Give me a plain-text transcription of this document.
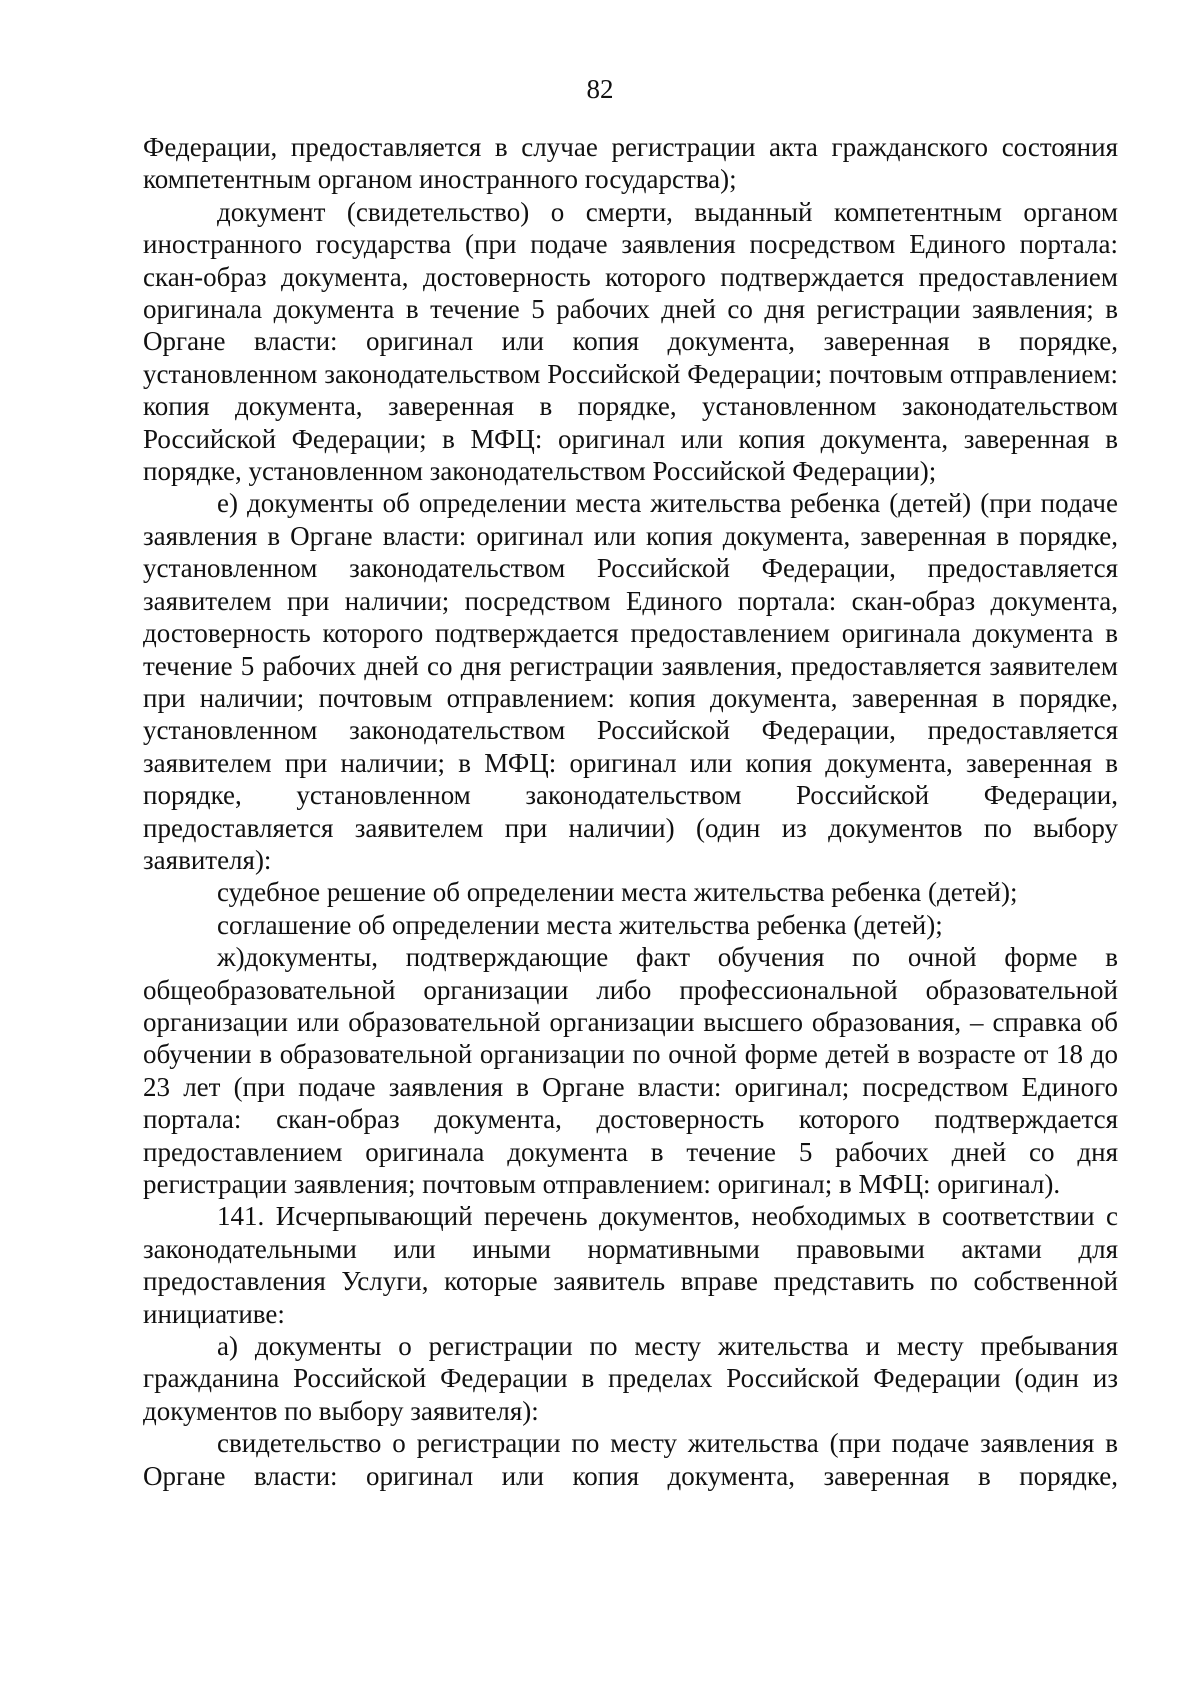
82

Федерации, предоставляется в случае регистрации акта гражданского состояния компетентным органом иностранного государства);

документ (свидетельство) о смерти, выданный компетентным органом иностранного государства (при подаче заявления посредством Единого портала: скан-образ документа, достоверность которого подтверждается предоставлением оригинала документа в течение 5 рабочих дней со дня регистрации заявления; в Органе власти: оригинал или копия документа, заверенная в порядке, установленном законодательством Российской Федерации; почтовым отправлением: копия документа, заверенная в порядке, установленном законодательством Российской Федерации; в МФЦ: оригинал или копия документа, заверенная в порядке, установленном законодательством Российской Федерации);

е) документы об определении места жительства ребенка (детей) (при подаче заявления в Органе власти: оригинал или копия документа, заверенная в порядке, установленном законодательством Российской Федерации, предоставляется заявителем при наличии; посредством Единого портала: скан-образ документа, достоверность которого подтверждается предоставлением оригинала документа в течение 5 рабочих дней со дня регистрации заявления, предоставляется заявителем при наличии; почтовым отправлением: копия документа, заверенная в порядке, установленном законодательством Российской Федерации, предоставляется заявителем при наличии; в МФЦ: оригинал или копия документа, заверенная в порядке, установленном законодательством Российской Федерации, предоставляется заявителем при наличии) (один из документов по выбору заявителя):

судебное решение об определении места жительства ребенка (детей);

соглашение об определении места жительства ребенка (детей);

ж)документы, подтверждающие факт обучения по очной форме в общеобразовательной организации либо профессиональной образовательной организации или образовательной организации высшего образования, – справка об обучении в образовательной организации по очной форме детей в возрасте от 18 до 23 лет (при подаче заявления в Органе власти: оригинал; посредством Единого портала: скан-образ документа, достоверность которого подтверждается предоставлением оригинала документа в течение 5 рабочих дней со дня регистрации заявления; почтовым отправлением: оригинал; в МФЦ: оригинал).

141. Исчерпывающий перечень документов, необходимых в соответствии с законодательными или иными нормативными правовыми актами для предоставления Услуги, которые заявитель вправе представить по собственной инициативе:

а) документы о регистрации по месту жительства и месту пребывания гражданина Российской Федерации в пределах Российской Федерации (один из документов по выбору заявителя):

свидетельство о регистрации по месту жительства (при подаче заявления в Органе власти: оригинал или копия документа, заверенная в порядке,
